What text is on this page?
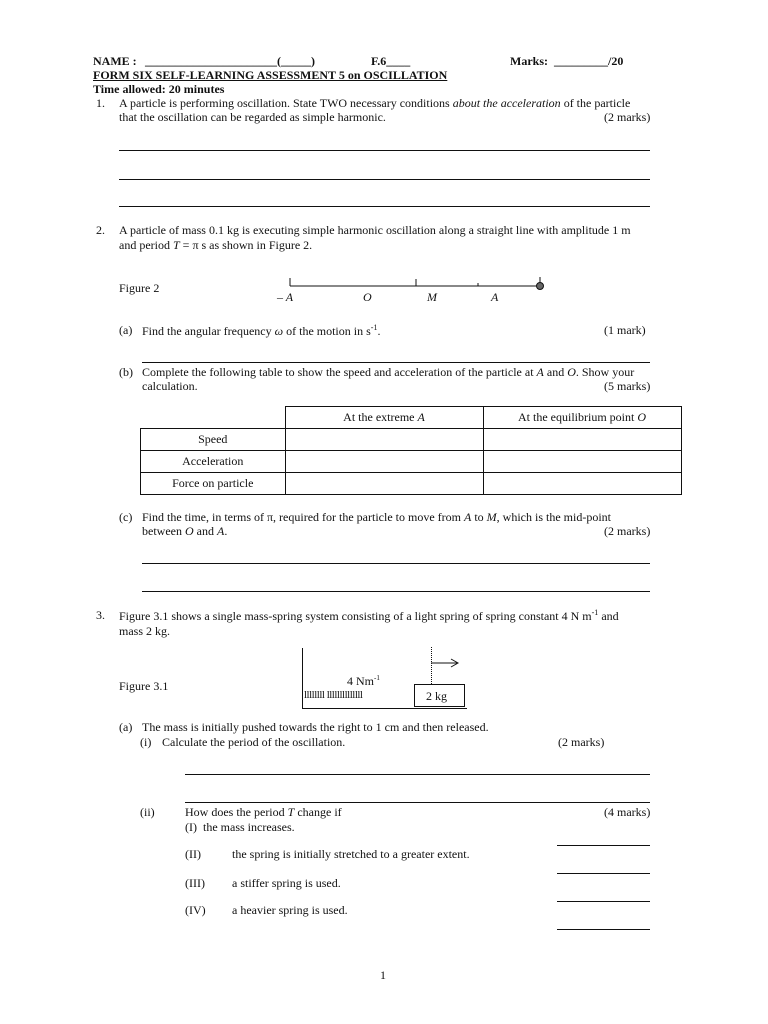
NAME : ______________________(_____)	F.6____	Marks: _________/20
FORM SIX SELF-LEARNING ASSESSMENT 5 on OSCILLATION
Time allowed: 20 minutes
1. A particle is performing oscillation. State TWO necessary conditions about the acceleration of the particle
that the oscillation can be regarded as simple harmonic.	(2 marks)
2. A particle of mass 0.1 kg is executing simple harmonic oscillation along a straight line with amplitude 1 m
and period T = π s as shown in Figure 2.
Figure 2
– A	O	M	A
(a) Find the angular frequency ω of the motion in $s^{-1}$.	(1 mark)
(b) Complete the following table to show the speed and acceleration of the particle at A and O. Show your
calculation.	(5 marks)
	At the extreme A	At the equilibrium point O
Speed		
Acceleration		
Force on particle		
(c) Find the time, in terms of π, required for the particle to move from A to M, which is the mid-point
between O and A.	(2 marks)
3. Figure 3.1 shows a single mass-spring system consisting of a light spring of spring constant 4 N $m^{-1}$ and
mass 2 kg.
Figure 3.1	4 $Nm^{-1}$
llllllll llllllllllllll	2 kg
(a) The mass is initially pushed towards the right to 1 cm and then released.
(i) Calculate the period of the oscillation.	(2 marks)
(ii)	How does the period T change if	(4 marks)
(I) the mass increases.
(II)	the spring is initially stretched to a greater extent.
(III) a stiffer spring is used.
(IV) a heavier spring is used.
1
